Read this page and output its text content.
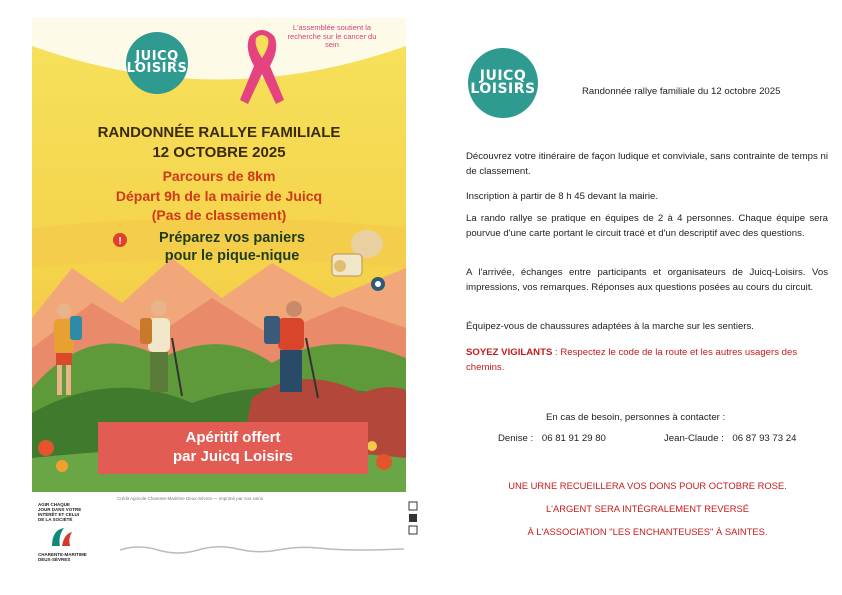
!
JUICQ
LOISIRS
L'assemblée soutient la recherche sur le cancer du sein
RANDONNÉE RALLYE FAMILIALE
12 OCTOBRE 2025
Parcours de 8km
Départ 9h de la mairie de Juicq
(Pas de classement)
Préparez vos paniers
pour le pique-nique
Apéritif offert
par Juicq Loisirs
AGIR CHAQUE
JOUR DANS VOTRE
INTÉRÊT ET CELUI
DE LA SOCIÉTÉ
CHARENTE-MARITIME
DEUX-SÈVRES
Crédit Agricole Charente-Maritime Deux-Sèvres — imprimé par nos soins
JUICQ
LOISIRS	Randonnée rallye familiale du 12 octobre 2025
Découvrez votre itinéraire de façon ludique et conviviale, sans contrainte de temps ni de classement.
Inscription à partir de 8 h 45 devant la mairie.
La rando rallye se pratique en équipes de 2 à 4 personnes. Chaque équipe sera pourvue d'une carte portant le circuit tracé et d'un descriptif avec des questions.
A l'arrivée, échanges entre participants et organisateurs de Juicq-Loisirs. Vos impressions, vos remarques. Réponses aux questions posées au cours du circuit.
Équipez-vous de chaussures adaptées à la marche sur les sentiers.
SOYEZ VIGILANTS : Respectez le code de la route et les autres usagers des chemins.
En cas de besoin, personnes à contacter :
Denise : 06 81 91 29 80	Jean-Claude : 06 87 93 73 24
UNE URNE RECUEILLERA VOS DONS POUR OCTOBRE ROSE.
L'ARGENT SERA INTÉGRALEMENT REVERSÉ
À L'ASSOCIATION "LES ENCHANTEUSES" À SAINTES.
